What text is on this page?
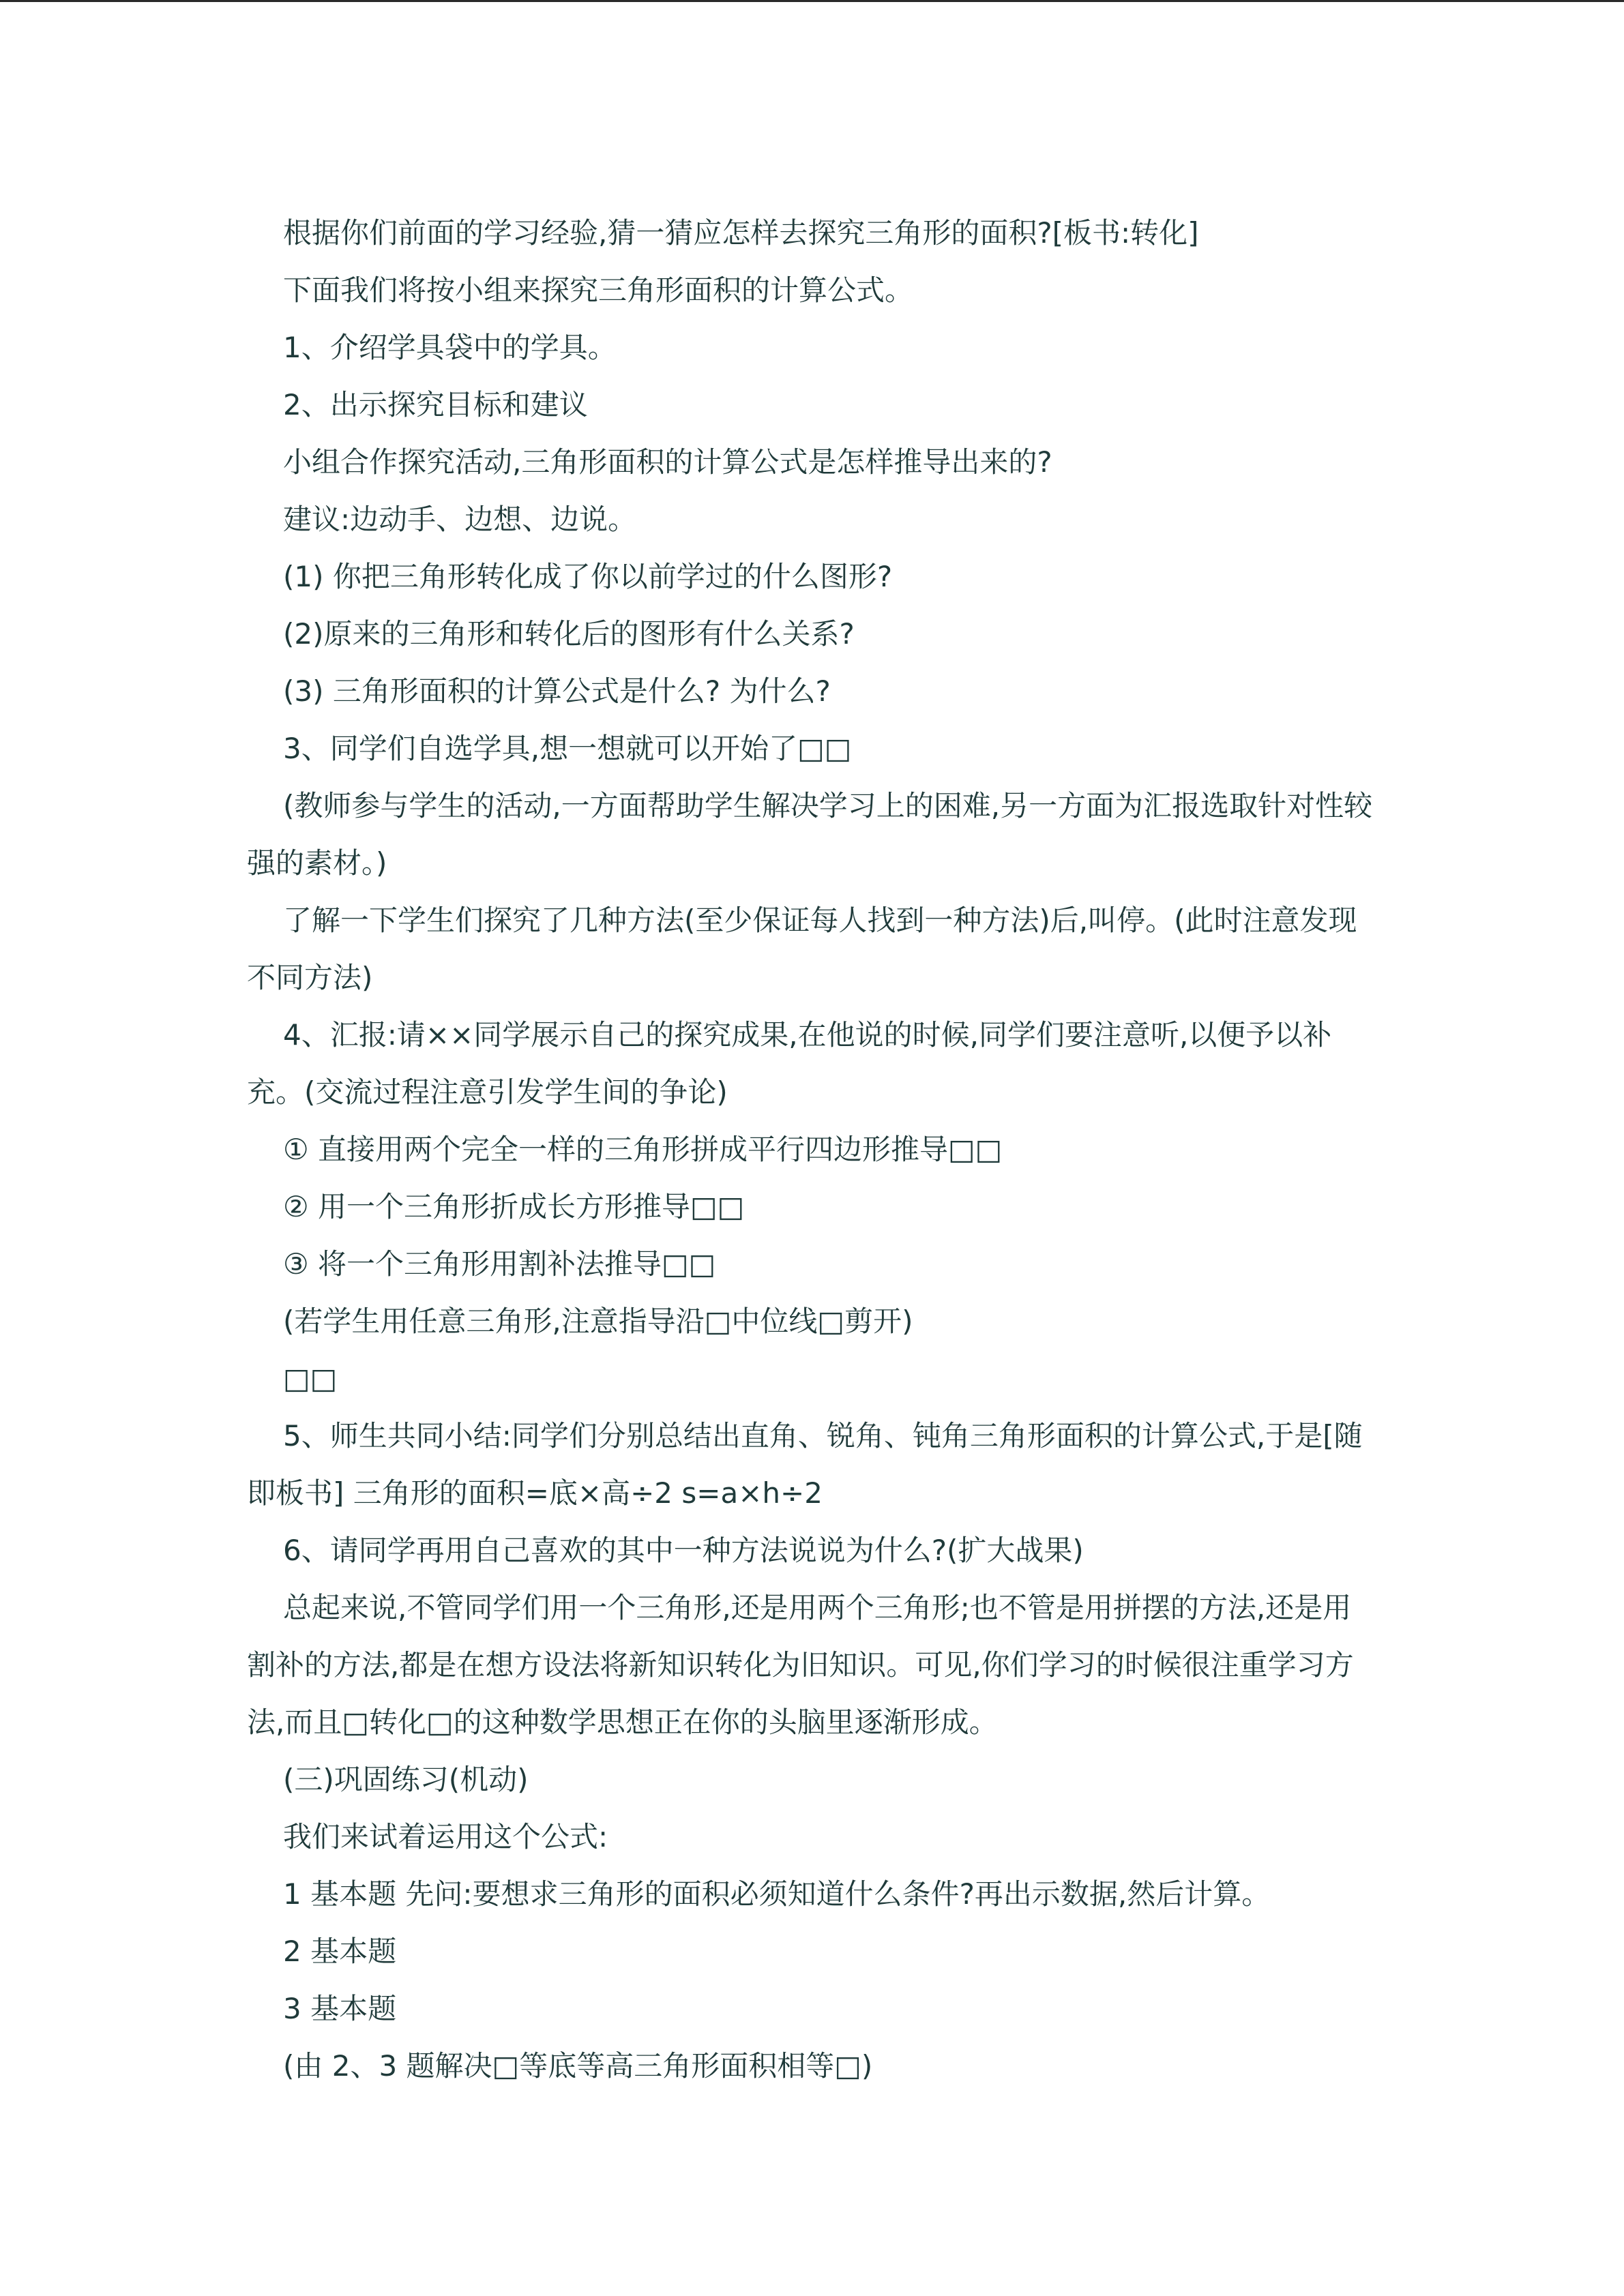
根据你们前面的学习经验,猜一猜应怎样去探究三角形的面积?[板书:转化]

下面我们将按小组来探究三角形面积的计算公式。

1、介绍学具袋中的学具。

2、出示探究目标和建议

小组合作探究活动,三角形面积的计算公式是怎样推导出来的?

建议:边动手、边想、边说。

(1) 你把三角形转化成了你以前学过的什么图形?

(2)原来的三角形和转化后的图形有什么关系?

(3) 三角形面积的计算公式是什么? 为什么?

3、同学们自选学具,想一想就可以开始了□□

(教师参与学生的活动,一方面帮助学生解决学习上的困难,另一方面为汇报选取针对性较强的素材。)

了解一下学生们探究了几种方法(至少保证每人找到一种方法)后,叫停。(此时注意发现不同方法)

4、汇报:请××同学展示自己的探究成果,在他说的时候,同学们要注意听,以便予以补充。(交流过程注意引发学生间的争论)

① 直接用两个完全一样的三角形拼成平行四边形推导□□

② 用一个三角形折成长方形推导□□

③ 将一个三角形用割补法推导□□

(若学生用任意三角形,注意指导沿□中位线□剪开)

□□

5、师生共同小结:同学们分别总结出直角、锐角、钝角三角形面积的计算公式,于是[随即板书] 三角形的面积=底×高÷2 s=a×h÷2

6、请同学再用自己喜欢的其中一种方法说说为什么?(扩大战果)

总起来说,不管同学们用一个三角形,还是用两个三角形;也不管是用拼摆的方法,还是用割补的方法,都是在想方设法将新知识转化为旧知识。可见,你们学习的时候很注重学习方法,而且□转化□的这种数学思想正在你的头脑里逐渐形成。

(三)巩固练习(机动)

我们来试着运用这个公式:

1 基本题 先问:要想求三角形的面积必须知道什么条件?再出示数据,然后计算。

2 基本题

3 基本题

(由 2、3 题解决□等底等高三角形面积相等□)
